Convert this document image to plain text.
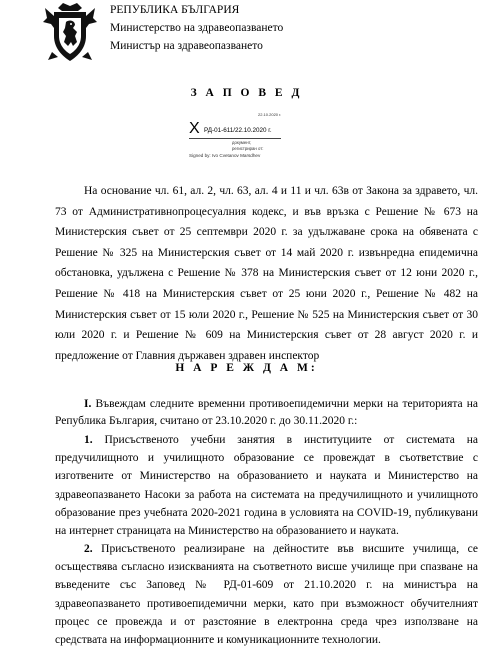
РЕПУБЛИКА БЪЛГАРИЯ
Министерство на здравеопазването
Министър на здравеопазването
З А П О В Е Д
22.10.2020 г.
X РД-01-611/22.10.2020 г.
документ,
регистриран от:
Signed by: Ivo Cvetanov Marsdhev

На основание чл. 61, ал. 2, чл. 63, ал. 4 и 11 и чл. 63в от Закона за здравето, чл. 73 от Административнопроцесуалния кодекс, и във връзка с Решение № 673 на Министерския съвет от 25 септември 2020 г. за удължаване срока на обявената с Решение № 325 на Министерския съвет от 14 май 2020 г. извънредна епидемична обстановка, удължена с Решение № 378 на Министерския съвет от 12 юни 2020 г., Решение № 418 на Министерския съвет от 25 юни 2020 г., Решение № 482 на Министерския съвет от 15 юли 2020 г., Решение № 525 на Министерския съвет от 30 юли 2020 г. и Решение № 609 на Министерския съвет от 28 август 2020 г. и предложение от Главния държавен здравен инспектор

Н А Р Е Ж Д А М:

I. Въвеждам следните временни противоепидемични мерки на територията на Република България, считано от 23.10.2020 г. до 30.11.2020 г.:

1. Присъственото учебни занятия в институциите от системата на предучилищното и училищното образование се провеждат в съответствие с изготвените от Министерство на образованието и науката и Министерство на здравеопазването Насоки за работа на системата на предучилищното и училищното образование през учебната 2020-2021 година в условията на COVID-19, публикувани на интернет страницата на Министерство на образованието и науката.

2. Присъственото реализиране на дейностите във висшите училища, се осъществява съгласно изискванията на съответното висше училище при спазване на въведените със Заповед № РД-01-609 от 21.10.2020 г. на министъра на здравеопазването противоепидемични мерки, като при възможност обучителният процес се провежда и от разстояние в електронна среда чрез използване на средствата на информационните и комуникационните технологии.
